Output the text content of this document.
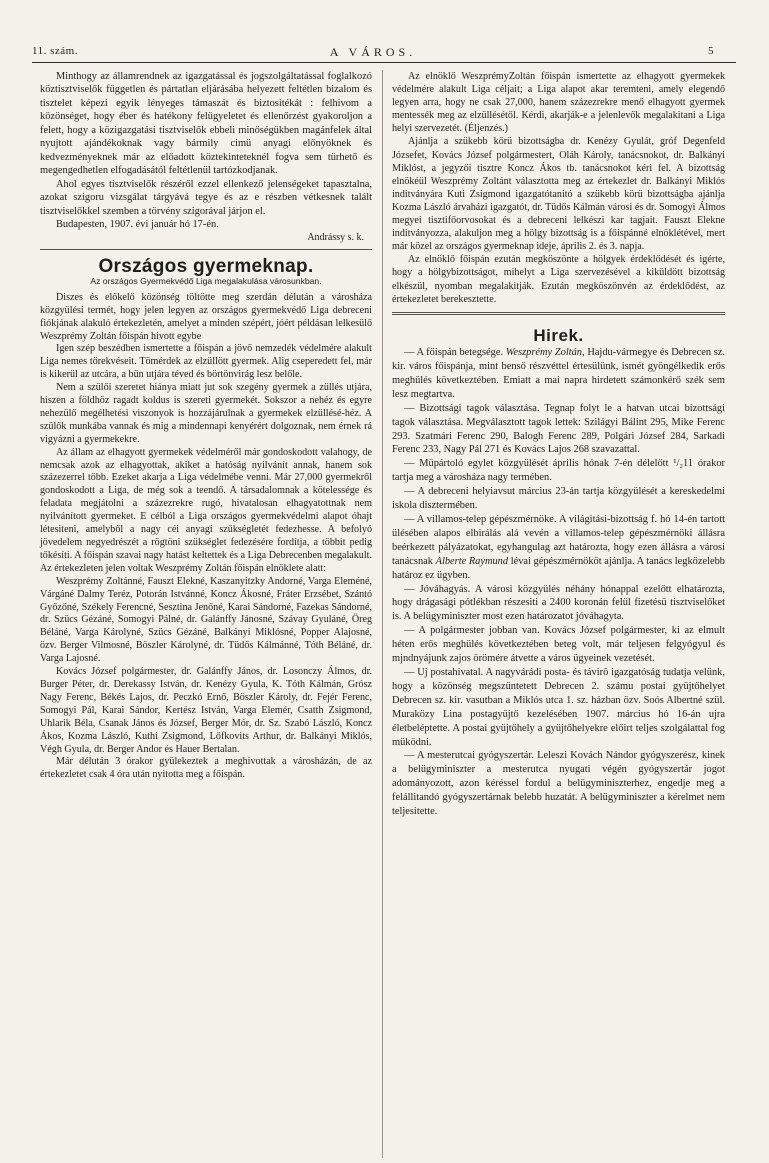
11. szám.	A VÁROS.	5

Minthogy az államrendnek az igazgatással és jogszolgáltatással foglalkozó köztisztviselők független és pártatlan eljárásába helyezett feltétlen bizalom és tisztelet képezi egyik lényeges támaszát és biztositékát : felhivom a közönséget, hogy éber és hatékony felügyeletet és ellenőrzést gyakoroljon a felett, hogy a közigazgatási tisztviselők ebbeli minőségükben magánfelek által nyujtott ajándékoknak vagy bármily cimü anyagi előnyöknek és kedvezményeknek már az előadott köztekinteteknél fogva sem türhető és megengedhetlen elfogadásától feltétlenül tartózkodjanak.

Ahol egyes tisztviselők részéről ezzel ellenkező jelenségeket tapasztalna, azokat szigoru vizsgálat tárgyává tegye és az e részben vétkesnek talált tisztviselőkkel szemben a törvény szigorával járjon el.

Budapesten, 1907. évi január hó 17-én.

Andrássy s. k.
Országos gyermeknap.
Az országos Gyermekvédő Liga megalakulása városunkban.

Diszes és előkelő közönség töltötte meg szerdán délután a városháza közgyülési termét, hogy jelen legyen az országos gyermekvédő Liga debreceni fiókjának alakuló értekezletén, amelyet a minden szépért, jóért példásan lelkesülő Weszprémy Zoltán főispán hivott egybe

Igen szép beszédben ismertette a főispán a jövő nemzedék védelmére alakult Liga nemes törekvéseit. Tömérdek az elzüllött gyermek. Alig cseperedett fel, már is kikerül az utcára, a bün utjára téved és börtönvirág lesz belőle.

Nem a szülői szeretet hiánya miatt jut sok szegény gyermek a züllés utjára, hiszen a földhöz ragadt koldus is szereti gyermekét. Sokszor a nehéz és egyre nehezülő megélhetési viszonyok is hozzájárulnak a gyermekek elzüllésé-héz. A szülők munkába vannak és mig a mindennapi kenyérért dolgoznak, nem érnek rá vigyázni a gyermekekre.

Az állam az elhagyott gyermekek védelméről már gondoskodott valahogy, de nemcsak azok az elhagyottak, akiket a hatóság nyilvánít annak, hanem sok százezerrel több. Ezeket akarja a Liga védelmébe venni. Már 27,000 gyermekről gondoskodott a Liga, de még sok a teendő. A társadalomnak a kötelessége és feladata megjátolni a százezrekre rugó, hivatalosan elhagyatottnak nem nyilvánított gyermeket. E célból a Liga országos gyermekvédelmi alapot óhajt létesiteni, amelyből a nagy céi anyagi szükségletét fedezhesse. A befolyó jövedelem negyedrészét a rögtöni szükséglet fedezésére fordítja, a többit pedig tőkésíti. A főispán szavai nagy hatást keltettek és a Liga Debrecenben megalakult. Az értekezleten jelen voltak Weszprémy Zoltán főispán elnöklete alatt:

Weszprémy Zoltánné, Fauszt Elekné, Kaszanyitzky Andorné, Varga Eleméné, Várgáné Dalmy Teréz, Potorán Istvánné, Koncz Ákosné, Fráter Erzsébet, Szántó Győzőné, Székely Ferencné, Sesztina Jenőné, Karai Sándorné, Fazekas Sándorné, dr. Szücs Gézáné, Somogyi Pálné, dr. Galánffy Jánosné, Szávay Gyuláné, Öreg Béláné, Varga Károlyné, Szücs Gézáné, Balkányi Miklósné, Popper Alajosné, özv. Berger Vilmosné, Böszler Károlyné, dr. Tüdős Kálmánné, Tóth Béláné, dr. Varga Lajosné.

Kovács József polgármester, dr. Galánffy János, dr. Losonczy Álmos, dr. Burger Péter, dr. Derekassy István, dr. Kenézy Gyula, K. Tóth Kálmán, Grósz Nagy Ferenc, Békés Lajos, dr. Peczkó Ernő, Böszler Károly, dr. Fejér Ferenc, Somogyi Pál, Karai Sándor, Kertész István, Varga Elemér, Csatth Zsigmond, Uhlarik Béla, Csanak János és József, Berger Mór, dr. Sz. Szabó László, Koncz Ákos, Kozma László, Kuthi Zsigmond, Lőfkovits Arthur, dr. Balkányi Miklós, Végh Gyula, dr. Berger Andor és Hauer Bertalan.

Már délután 3 órakor gyülekeztek a meghivottak a városházán, de az értekezletet csak 4 óra után nyitotta meg a főispán.

Az elnöklő WeszprémyZoltán főispán ismertette az elhagyott gyermekek védelmére alakult Liga céljait; a Liga alapot akar teremteni, amely elegendő legyen arra, hogy ne csak 27,000, hanem százezrekre menő elhagyott gyermek mentessék meg az elzüllésétől. Kérdi, akarják-e a jelenlevők megalakitani a Liga helyi szervezetét. (Éljenzés.)

Ajánlja a szükebb körü bizottságba dr. Kenézy Gyulát, gróf Degenfeld Józsefet, Kovács József polgármestert, Oláh Károly, tanácsnokot, dr. Balkányi Miklóst, a jegyzői tisztre Koncz Ákos tb. tanácsnokot kéri fel. A bizottság elnökéül Weszprémy Zoltánt választotta meg az értekezlet dr. Balkányi Miklós inditványára Kuti Zsigmond igazgatótanitó a szükebb körü bizottságba ajánlja Kozma László árvaházi igazgatót, dr. Tüdős Kálmán városi és dr. Somogyi Álmos megyei tisztifőorvosokat és a debreceni lelkészi kar tagjait. Fauszt Elekne inditványozza, alakuljon meg a hölgy bizottság is a főispánné elnöklétével, mert már közel az országos gyermeknap ideje, április 2. és 3. napja.

Az elnöklő főispán ezután megköszönte a hölgyek érdeklődését és igérte, hogy a hölgybizottságot, mihelyt a Liga szervezésével a kiküldött bizottság elkészül, nyomban megalakitják. Ezután megköszönvén az érdeklődést, az értekezletet berekesztette.

Hirek.

— A főispán betegsége. Weszprémy Zoltán, Hajdu-vármegye és Debrecen sz. kir. város főispánja, mint benső részvéttel értesülünk, ismét gyöngélkedik erős meghülés következtében. Emiatt a mai napra hirdetett számonkérő szék sem lesz megtartva.

— Bizottsági tagok választása. Tegnap folyt le a hatvan utcai bizottsági tagok választása. Megválasztott tagok lettek: Szilágyi Bálint 295, Mike Ferenc 293. Szatmári Ferenc 290, Balogh Ferenc 289, Polgári József 284, Sarkadi Ferenc 233, Nagy Pál 271 és Kovács Lajos 268 szavazattal.

— Müpártoló egylet közgyülését április hónak 7-én délelőtt ¹/₂11 órakor tartja meg a városháza nagy termében.

— A debreceni helyiavsut március 23-án tartja közgyülését a kereskedelmi iskola disztermében.

— A villamos-telep gépészmérnöke. A világitási-bizottság f. hó 14-én tartott ülésében alapos elbirálás alá vevén a villamos-telep gépészmérnöki állásra beérkezett pályázatokat, egyhangulag azt határozta, hogy ezen állásra a városi tanácsnak Alberte Raymund lévai gépészmérnököt ajánlja. A tanács legközelebb határoz ez ügyben.

— Jóváhagyás. A városi közgyülés néhány hónappal ezelőtt elhatározta, hogy drágasági pótlékban részesiti a 2400 koronán felül fizetésü tisztviselőket is. A belügyminiszter most ezen határozatot jóváhagyta.

— A polgármester jobban van. Kovács József polgármester, ki az elmult héten erős meghülés következtében beteg volt, már teljesen felgyógyul és mjndnyájunk zajos örömére átvette a város ügyeinek vezetését.

— Uj postahivatal. A nagyvárádi posta- és távirô igazgatóság tudatja velünk, hogy a közönség megszüntetett Debrecen 2. számu postai gyüjtőhelyet Debrecen sz. kir. vasutban a Miklós utca 1. sz. házban özv. Soós Albertné szül. Muraközy Lina postagyüjtő kezelésében 1907. március hó 16-án ujra életbeléptette. A postai gyüjtőhely a gyüjtőhelyekre előirt teljes szolgálattal fog müködni.

— A mesterutcai gyógyszertár. Leleszi Kovách Nándor gyógyszerész, kinek a belügyminiszter a mesterutca nyugati végén gyógyszertár jogot adományozott, azon kéréssel fordul a belügyminiszterhez, engedje meg a felállitandó gyógyszertárnak belebb huzatát. A belügyminiszter a kérelmet nem teljesitette.
